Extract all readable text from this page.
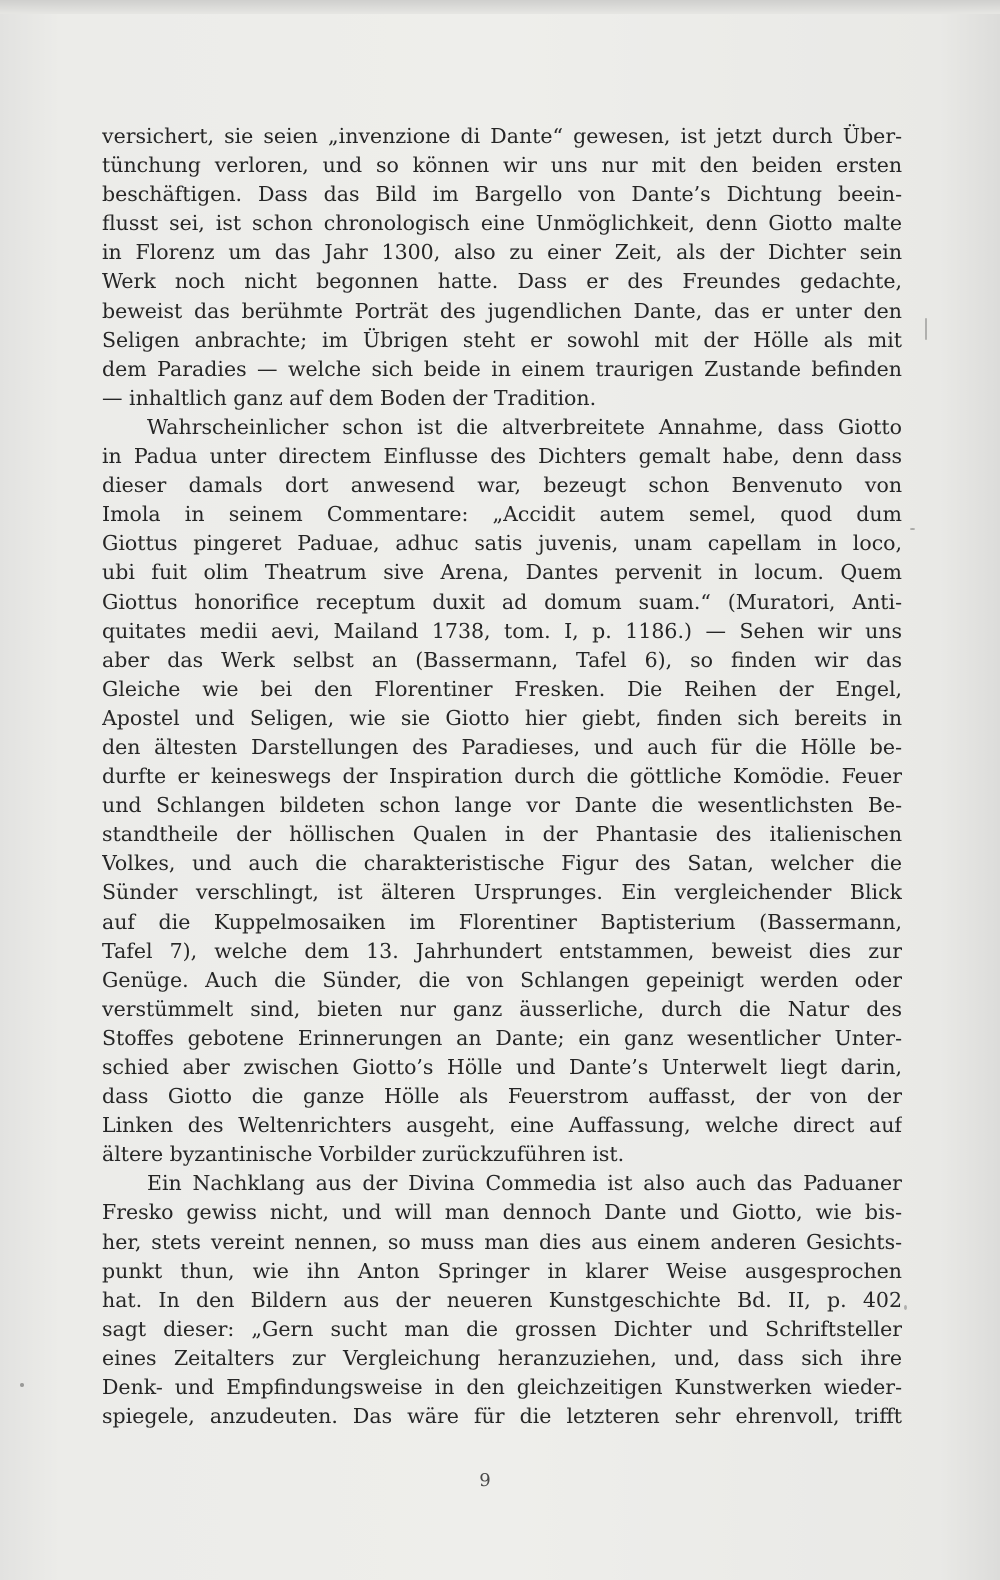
versichert, sie seien „invenzione di Dante“ gewesen, ist jetzt durch Über-
tünchung verloren, und so können wir uns nur mit den beiden ersten
beschäftigen. Dass das Bild im Bargello von Dante’s Dichtung beein-
flusst sei, ist schon chronologisch eine Unmöglichkeit, denn Giotto malte
in Florenz um das Jahr 1300, also zu einer Zeit, als der Dichter sein
Werk noch nicht begonnen hatte. Dass er des Freundes gedachte,
beweist das berühmte Porträt des jugendlichen Dante, das er unter den
Seligen anbrachte; im Übrigen steht er sowohl mit der Hölle als mit
dem Paradies — welche sich beide in einem traurigen Zustande befinden
— inhaltlich ganz auf dem Boden der Tradition.
Wahrscheinlicher schon ist die altverbreitete Annahme, dass Giotto
in Padua unter directem Einflusse des Dichters gemalt habe, denn dass
dieser damals dort anwesend war, bezeugt schon Benvenuto von
Imola in seinem Commentare: „Accidit autem semel, quod dum
Giottus pingeret Paduae, adhuc satis juvenis, unam capellam in loco,
ubi fuit olim Theatrum sive Arena, Dantes pervenit in locum. Quem
Giottus honorifice receptum duxit ad domum suam.“ (Muratori, Anti-
quitates medii aevi, Mailand 1738, tom. I, p. 1186.) — Sehen wir uns
aber das Werk selbst an (Bassermann, Tafel 6), so finden wir das
Gleiche wie bei den Florentiner Fresken. Die Reihen der Engel,
Apostel und Seligen, wie sie Giotto hier giebt, finden sich bereits in
den ältesten Darstellungen des Paradieses, und auch für die Hölle be-
durfte er keineswegs der Inspiration durch die göttliche Komödie. Feuer
und Schlangen bildeten schon lange vor Dante die wesentlichsten Be-
standtheile der höllischen Qualen in der Phantasie des italienischen
Volkes, und auch die charakteristische Figur des Satan, welcher die
Sünder verschlingt, ist älteren Ursprunges. Ein vergleichender Blick
auf die Kuppelmosaiken im Florentiner Baptisterium (Bassermann,
Tafel 7), welche dem 13. Jahrhundert entstammen, beweist dies zur
Genüge. Auch die Sünder, die von Schlangen gepeinigt werden oder
verstümmelt sind, bieten nur ganz äusserliche, durch die Natur des
Stoffes gebotene Erinnerungen an Dante; ein ganz wesentlicher Unter-
schied aber zwischen Giotto’s Hölle und Dante’s Unterwelt liegt darin,
dass Giotto die ganze Hölle als Feuerstrom auffasst, der von der
Linken des Weltenrichters ausgeht, eine Auffassung, welche direct auf
ältere byzantinische Vorbilder zurückzuführen ist.
Ein Nachklang aus der Divina Commedia ist also auch das Paduaner
Fresko gewiss nicht, und will man dennoch Dante und Giotto, wie bis-
her, stets vereint nennen, so muss man dies aus einem anderen Gesichts-
punkt thun, wie ihn Anton Springer in klarer Weise ausgesprochen
hat. In den Bildern aus der neueren Kunstgeschichte Bd. II, p. 402
sagt dieser: „Gern sucht man die grossen Dichter und Schriftsteller
eines Zeitalters zur Vergleichung heranzuziehen, und, dass sich ihre
Denk- und Empfindungsweise in den gleichzeitigen Kunstwerken wieder-
spiegele, anzudeuten. Das wäre für die letzteren sehr ehrenvoll, trifft
9
